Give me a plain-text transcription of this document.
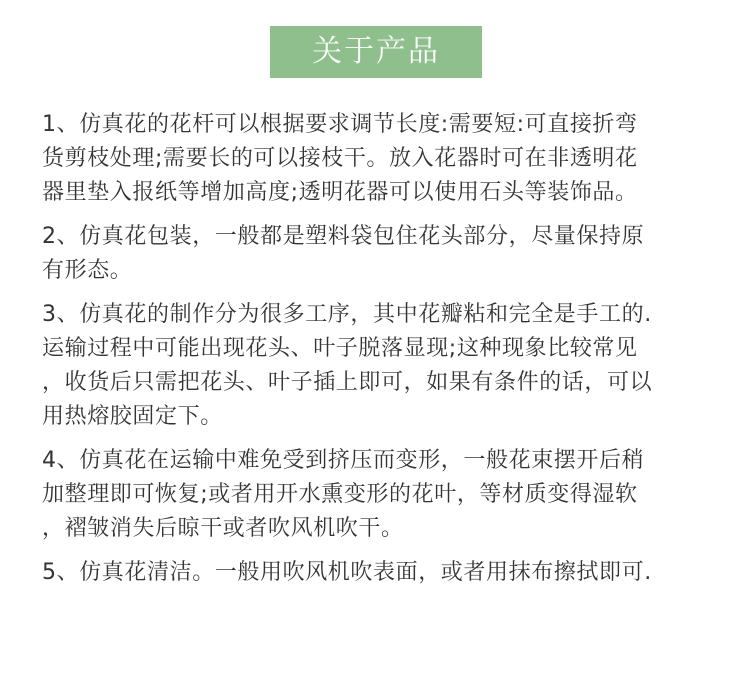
关于产品
1、仿真花的花杆可以根据要求调节长度:需要短:可直接折弯
货剪枝处理;需要长的可以接枝干。放入花器时可在非透明花
器里垫入报纸等增加高度;透明花器可以使用石头等装饰品。
2、仿真花包装，一般都是塑料袋包住花头部分，尽量保持原
有形态。
3、仿真花的制作分为很多工序，其中花瓣粘和完全是手工的.
运输过程中可能出现花头、叶子脱落显现;这种现象比较常见
，收货后只需把花头、叶子插上即可，如果有条件的话，可以
用热熔胶固定下。
4、仿真花在运输中难免受到挤压而变形，一般花束摆开后稍
加整理即可恢复;或者用开水熏变形的花叶，等材质变得湿软
，褶皱消失后晾干或者吹风机吹干。
5、仿真花清洁。一般用吹风机吹表面，或者用抹布擦拭即可.
